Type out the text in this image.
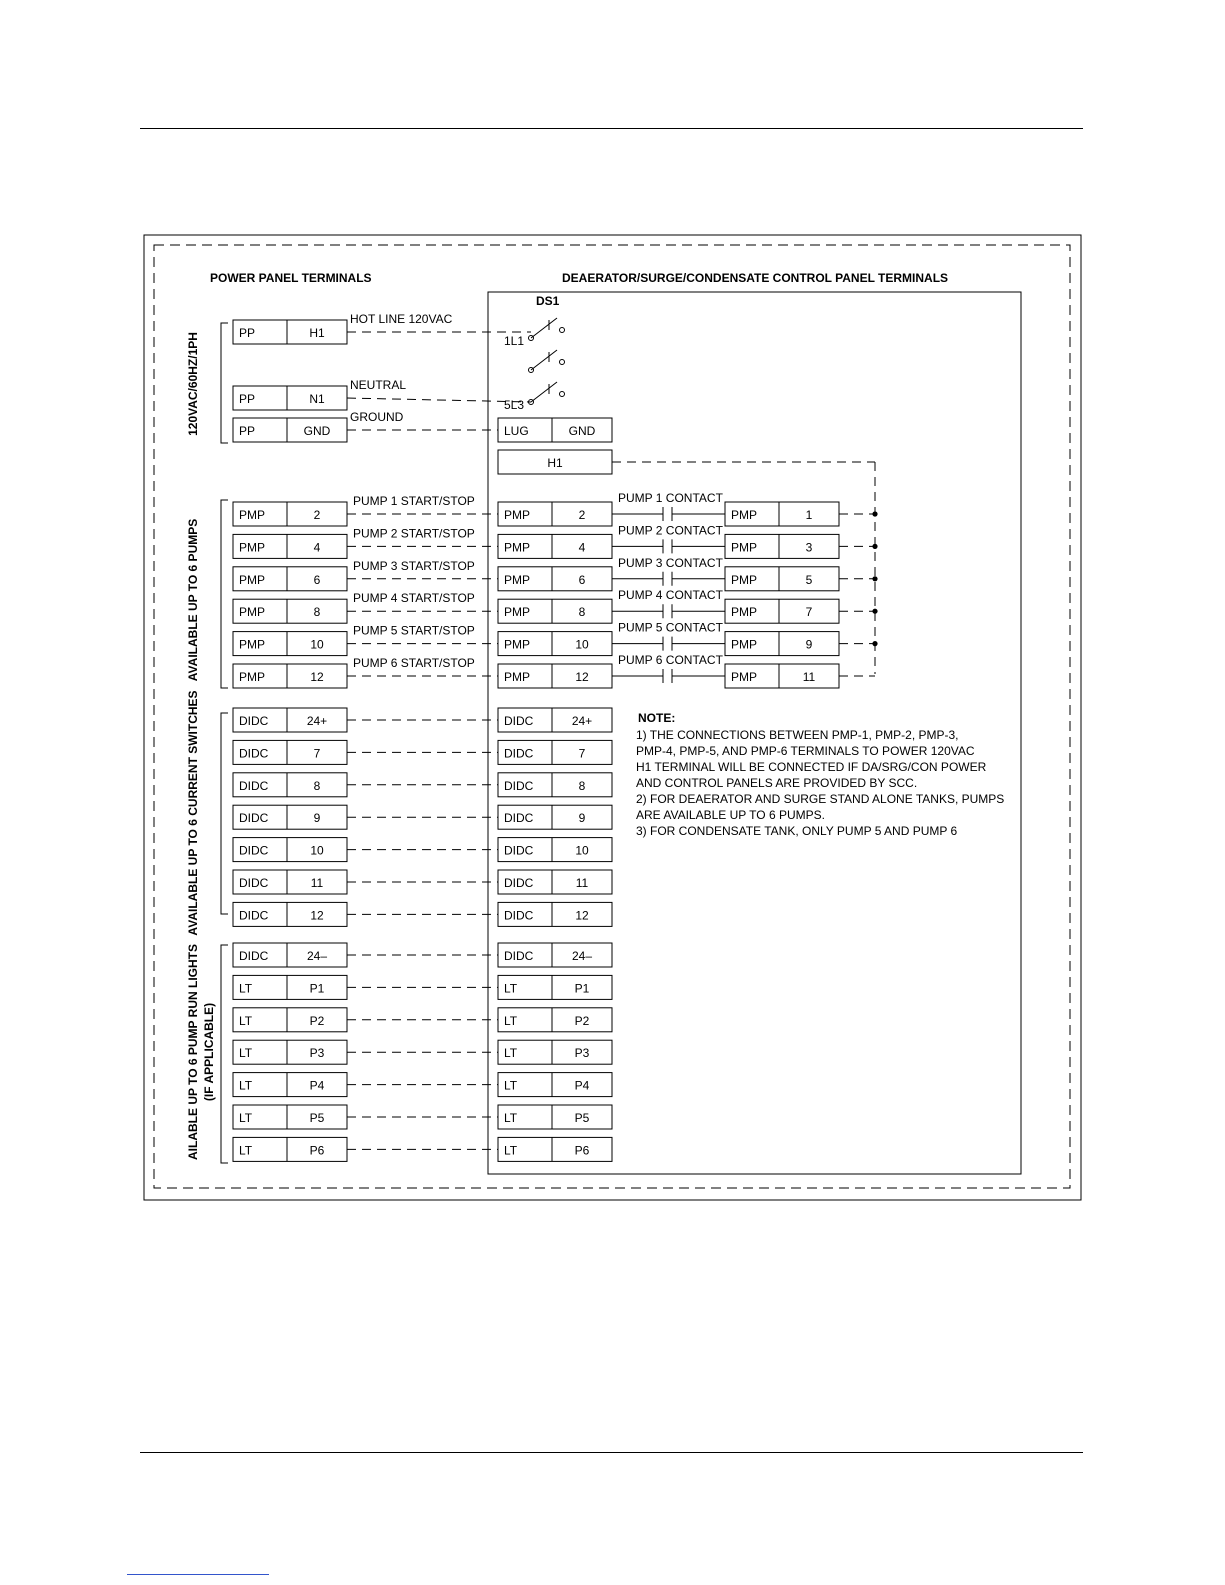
POWER PANEL TERMINALS	DEAERATOR/SURGE/CONDENSATE CONTROL PANEL TERMINALS
120VAC/60HZ/1PH
AVAILABLE UP TO 6 PUMPS
AVAILABLE UP TO 6 CURRENT SWITCHES
AILABLE UP TO 6 PUMP RUN LIGHTS (IF APPLICABLE)
DS1
1L1
5L3
PP	H1
HOT LINE 120VAC
PP	N1
NEUTRAL
PP	GND
GROUND
LUG	GND
H1
PMP	2
PUMP 1 START/STOP
PMP	2
PUMP 1 CONTACT
PMP	1
PMP	4
PUMP 2 START/STOP
PMP	4
PUMP 2 CONTACT
PMP	3
PMP	6
PUMP 3 START/STOP
PMP	6
PUMP 3 CONTACT
PMP	5
PMP	8
PUMP 4 START/STOP
PMP	8
PUMP 4 CONTACT
PMP	7
PMP	10
PUMP 5 START/STOP
PMP	10
PUMP 5 CONTACT
PMP	9
PMP	12
PUMP 6 START/STOP
PMP	12
PUMP 6 CONTACT
PMP	11
DIDC	24+	DIDC	24+
DIDC	7	DIDC	7
DIDC	8	DIDC	8
DIDC	9	DIDC	9
DIDC	10	DIDC	10
DIDC	11	DIDC	11
DIDC	12	DIDC	12
DIDC	24–	DIDC	24–
LT	P1	LT	P1
LT	P2	LT	P2
LT	P3	LT	P3
LT	P4	LT	P4
LT	P5	LT	P5
LT	P6	LT	P6
NOTE:
1) THE CONNECTIONS BETWEEN PMP-1, PMP-2, PMP-3,
PMP-4, PMP-5, AND PMP-6 TERMINALS TO POWER 120VAC
H1 TERMINAL WILL BE CONNECTED IF DA/SRG/CON POWER
AND CONTROL PANELS ARE PROVIDED BY SCC.
2) FOR DEAERATOR AND SURGE STAND ALONE TANKS, PUMPS
ARE AVAILABLE UP TO 6 PUMPS.
3) FOR CONDENSATE TANK, ONLY PUMP 5 AND PUMP 6
